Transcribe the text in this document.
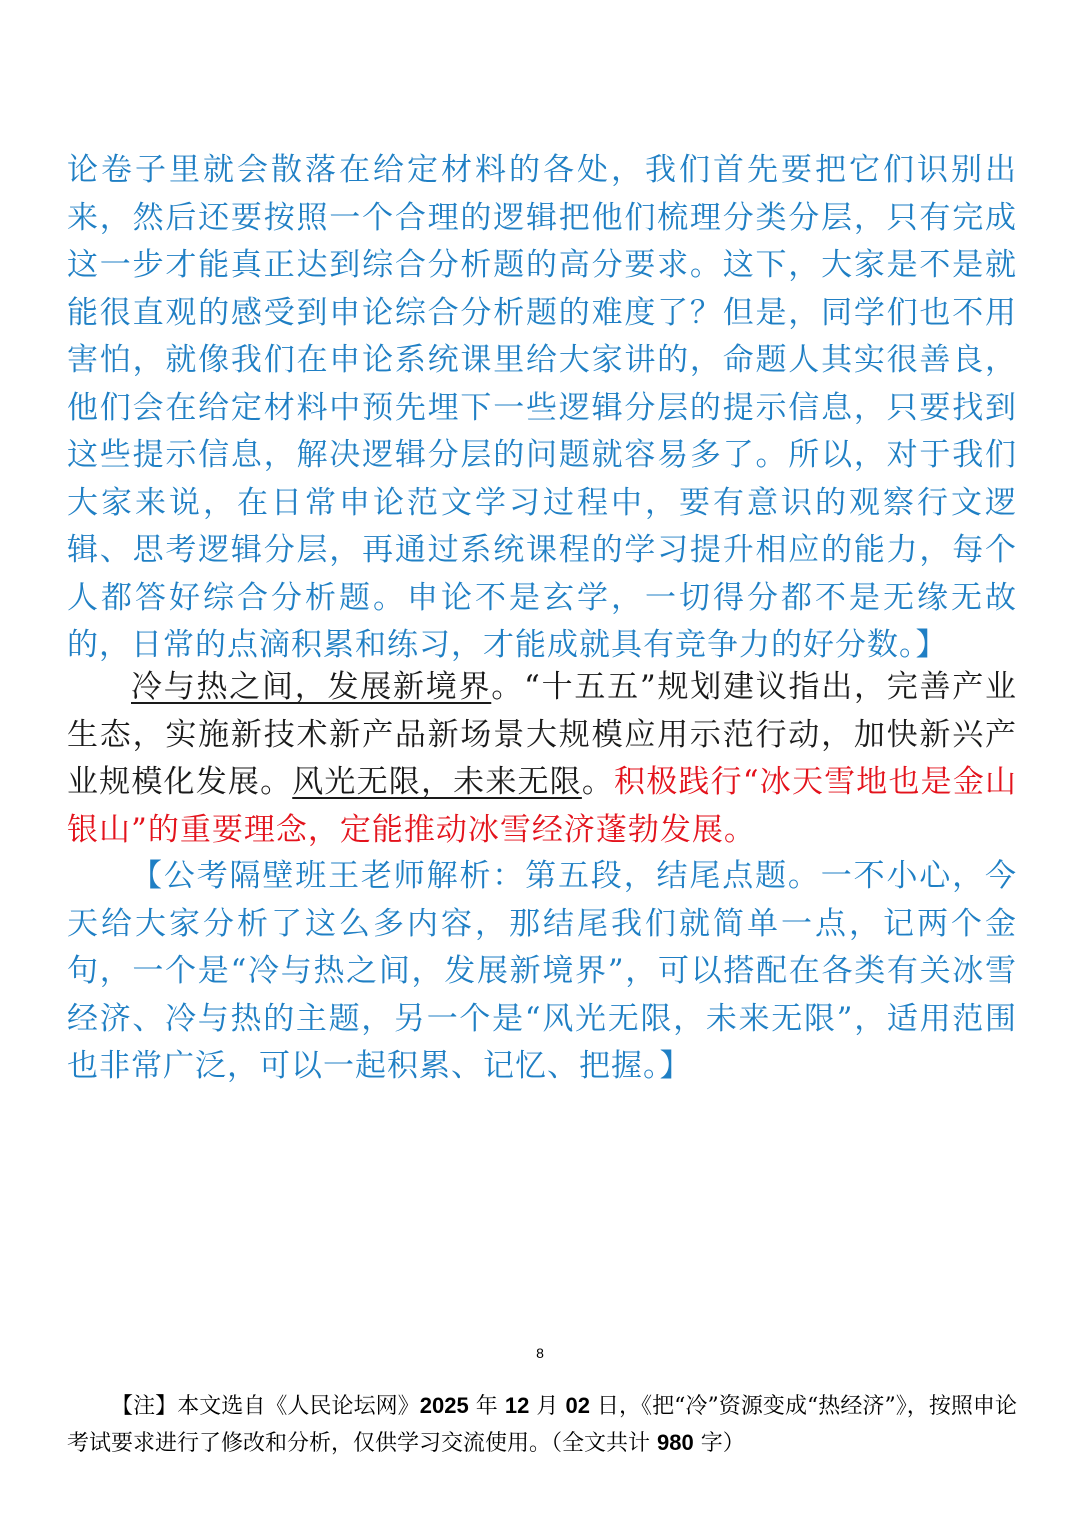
论卷子里就会散落在给定材料的各处，我们首先要把它们识别出来，然后还要按照一个合理的逻辑把他们梳理分类分层，只有完成这一步才能真正达到综合分析题的高分要求。这下，大家是不是就能很直观的感受到申论综合分析题的难度了？但是，同学们也不用害怕，就像我们在申论系统课里给大家讲的，命题人其实很善良，他们会在给定材料中预先埋下一些逻辑分层的提示信息，只要找到这些提示信息，解决逻辑分层的问题就容易多了。所以，对于我们大家来说，在日常申论范文学习过程中，要有意识的观察行文逻辑、思考逻辑分层，再通过系统课程的学习提升相应的能力，每个人都答好综合分析题。申论不是玄学，一切得分都不是无缘无故的，日常的点滴积累和练习，才能成就具有竞争力的好分数。】

冷与热之间，发展新境界。“十五五”规划建议指出，完善产业生态，实施新技术新产品新场景大规模应用示范行动，加快新兴产业规模化发展。风光无限，未来无限。积极践行“冰天雪地也是金山银山”的重要理念，定能推动冰雪经济蓬勃发展。

【公考隔壁班王老师解析：第五段，结尾点题。一不小心，今天给大家分析了这么多内容，那结尾我们就简单一点，记两个金句，一个是“冷与热之间，发展新境界”，可以搭配在各类有关冰雪经济、冷与热的主题，另一个是“风光无限，未来无限”，适用范围也非常广泛，可以一起积累、记忆、把握。】

8

【注】本文选自《人民论坛网》2025 年 12 月 02 日，《把“冷”资源变成“热经济”》，按照申论考试要求进行了修改和分析，仅供学习交流使用。（全文共计 980 字）
